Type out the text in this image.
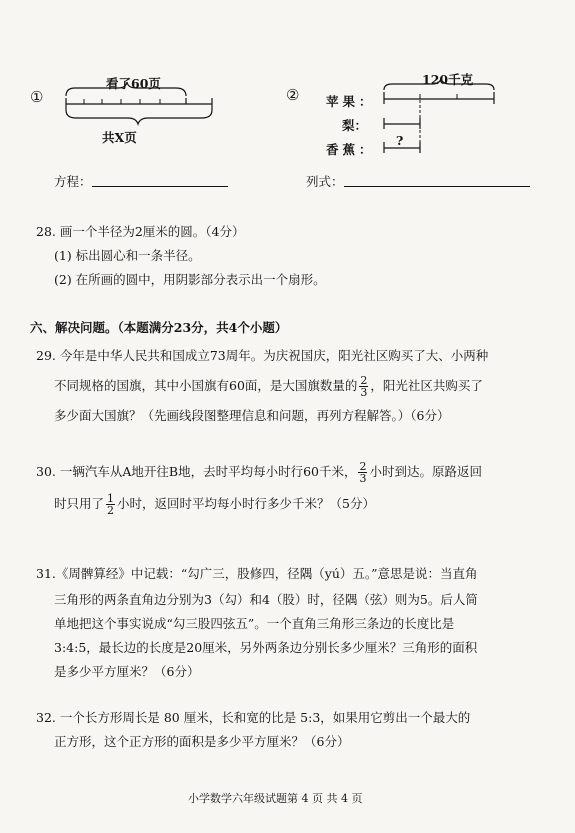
①
看了60页
共X页
②
120千克
苹果：
梨：
香蕉：
?
方程：	列式：
28. 画一个半径为2厘米的圆。（4分）
(1) 标出圆心和一条半径。
(2) 在所画的圆中，用阴影部分表示出一个扇形。
六、解决问题。（本题满分23分，共4个小题）
29. 今年是中华人民共和国成立73周年。为庆祝国庆，阳光社区购买了大、小两种
不同规格的国旗，其中小国旗有60面，是大国旗数量的 $\frac{2}{3}$ ，阳光社区共购买了
多少面大国旗？（先画线段图整理信息和问题，再列方程解答。）（6分）
30. 一辆汽车从A地开往B地，去时平均每小时行60千米， $\frac{2}{3}$ 小时到达。原路返回
时只用了 $\frac{1}{2}$ 小时，返回时平均每小时行多少千米？（5分）
31.《周髀算经》中记载：“勾广三，股修四，径隅（yú）五。”意思是说：当直角
三角形的两条直角边分别为3（勾）和4（股）时，径隅（弦）则为5。后人简
单地把这个事实说成“勾三股四弦五”。一个直角三角形三条边的长度比是
3:4:5，最长边的长度是20厘米，另外两条边分别长多少厘米？三角形的面积
是多少平方厘米？（6分）
32. 一个长方形周长是 80 厘米，长和宽的比是 5:3，如果用它剪出一个最大的
正方形，这个正方形的面积是多少平方厘米？（6分）
小学数学六年级试题第 4 页 共 4 页
